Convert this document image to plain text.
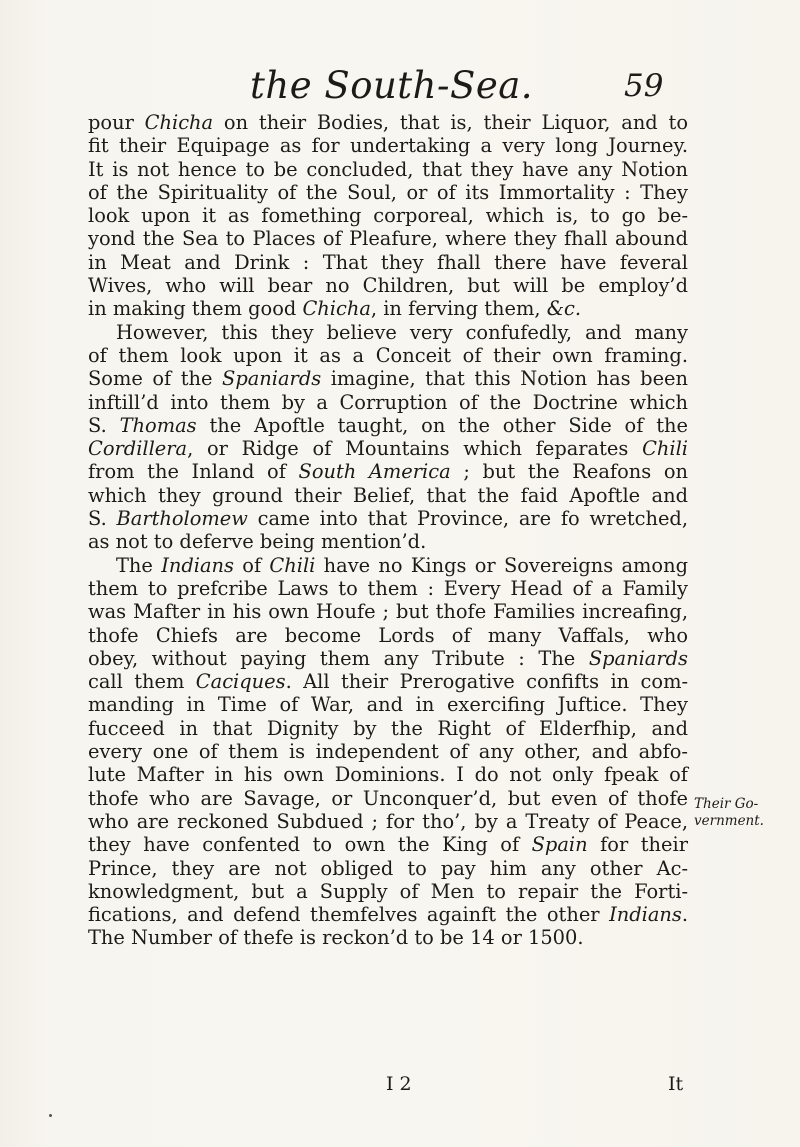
the South-Sea.	59
pour Chicha on their Bodies, that is, their Liquor, and to
fit their Equipage as for undertaking a very long Journey.
It is not hence to be concluded, that they have any Notion
of the Spirituality of the Soul, or of its Immortality : They
look upon it as fomething corporeal, which is, to go be-
yond the Sea to Places of Pleafure, where they fhall abound
in Meat and Drink : That they fhall there have feveral
Wives, who will bear no Children, but will be employ’d
in making them good Chicha, in ferving them, &c.
However, this they believe very confufedly, and many
of them look upon it as a Conceit of their own framing.
Some of the Spaniards imagine, that this Notion has been
inftill’d into them by a Corruption of the Doctrine which
S. Thomas the Apoftle taught, on the other Side of the
Cordillera, or Ridge of Mountains which feparates Chili
from the Inland of South America ; but the Reafons on
which they ground their Belief, that the faid Apoftle and
S. Bartholomew came into that Province, are fo wretched,
as not to deferve being mention’d.
The Indians of Chili have no Kings or Sovereigns among
them to prefcribe Laws to them : Every Head of a Family
was Mafter in his own Houfe ; but thofe Families increafing,
thofe Chiefs are become Lords of many Vaffals, who
obey, without paying them any Tribute : The Spaniards
call them Caciques. All their Prerogative confifts in com-
manding in Time of War, and in exercifing Juftice. They
fucceed in that Dignity by the Right of Elderfhip, and
every one of them is independent of any other, and abfo-
lute Mafter in his own Dominions. I do not only fpeak of
thofe who are Savage, or Unconquer’d, but even of thofe
who are reckoned Subdued ; for tho’, by a Treaty of Peace,
they have confented to own the King of Spain for their
Prince, they are not obliged to pay him any other Ac-
knowledgment, but a Supply of Men to repair the Forti-
fications, and defend themfelves againft the other Indians.
The Number of thefe is reckon’d to be 14 or 1500.
Their Go-
vernment.
I 2	It
